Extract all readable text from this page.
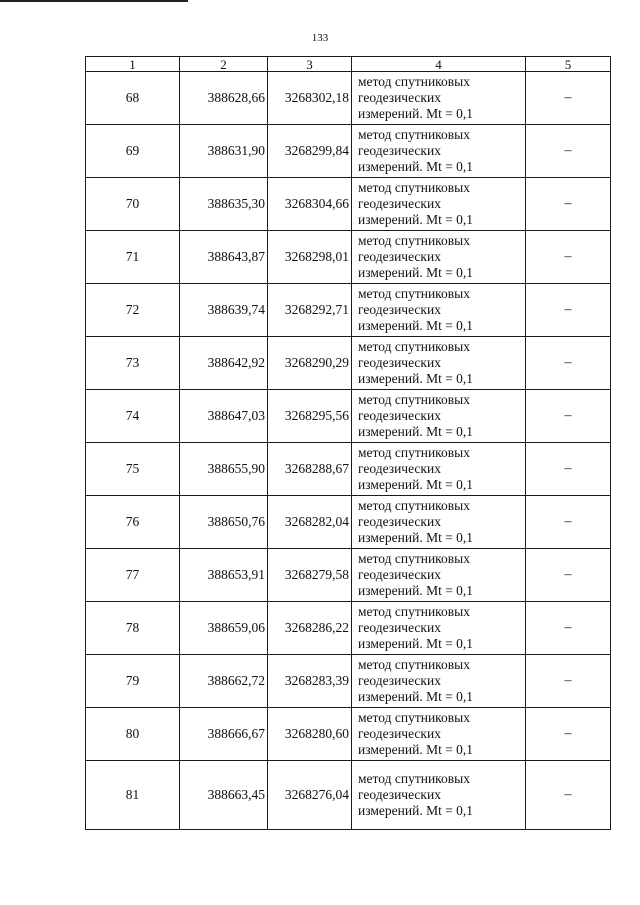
133
1	2	3	4	5
68	388628,66	3268302,18	метод спутниковых
геодезических
измерений. Mt = 0,1	–
69	388631,90	3268299,84	метод спутниковых
геодезических
измерений. Mt = 0,1	–
70	388635,30	3268304,66	метод спутниковых
геодезических
измерений. Mt = 0,1	–
71	388643,87	3268298,01	метод спутниковых
геодезических
измерений. Mt = 0,1	–
72	388639,74	3268292,71	метод спутниковых
геодезических
измерений. Mt = 0,1	–
73	388642,92	3268290,29	метод спутниковых
геодезических
измерений. Mt = 0,1	–
74	388647,03	3268295,56	метод спутниковых
геодезических
измерений. Mt = 0,1	–
75	388655,90	3268288,67	метод спутниковых
геодезических
измерений. Mt = 0,1	–
76	388650,76	3268282,04	метод спутниковых
геодезических
измерений. Mt = 0,1	–
77	388653,91	3268279,58	метод спутниковых
геодезических
измерений. Mt = 0,1	–
78	388659,06	3268286,22	метод спутниковых
геодезических
измерений. Mt = 0,1	–
79	388662,72	3268283,39	метод спутниковых
геодезических
измерений. Mt = 0,1	–
80	388666,67	3268280,60	метод спутниковых
геодезических
измерений. Mt = 0,1	–
81	388663,45	3268276,04	метод спутниковых
геодезических
измерений. Mt = 0,1	–
